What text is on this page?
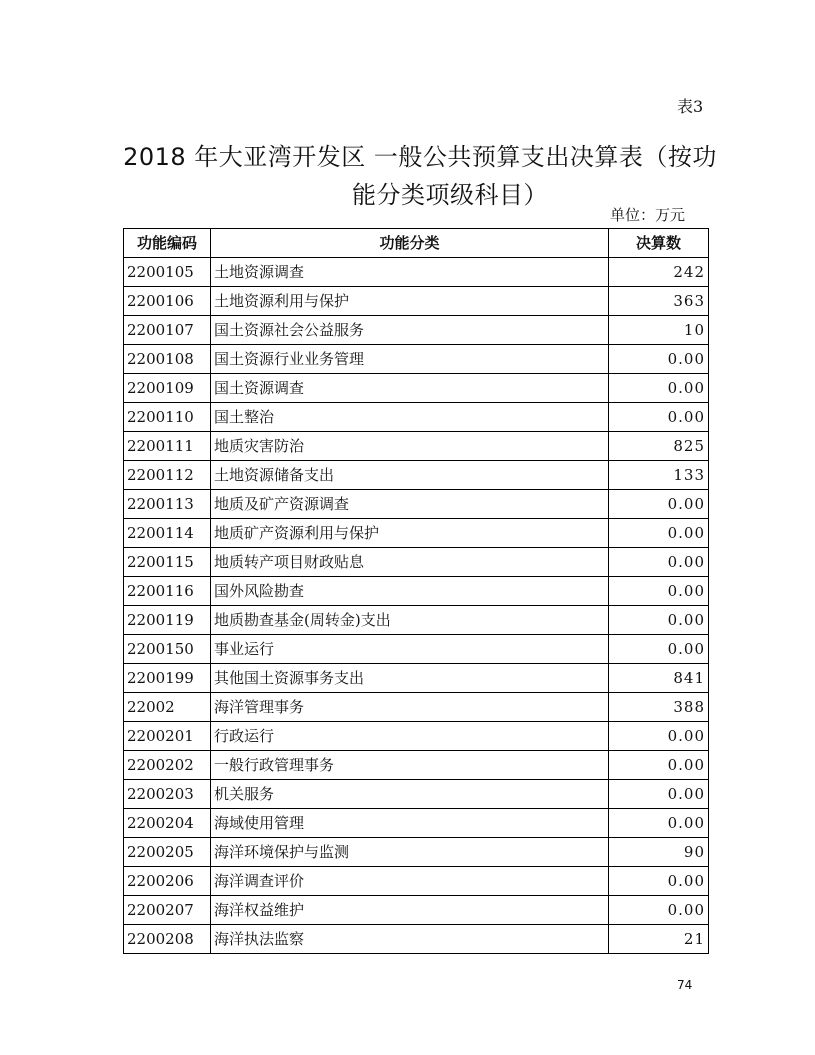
表3
2018 年大亚湾开发区 一般公共预算支出决算表（按功
能分类项级科目）
单位：万元
功能编码	功能分类	决算数
2200105	土地资源调查	242
2200106	土地资源利用与保护	363
2200107	国土资源社会公益服务	10
2200108	国土资源行业业务管理	0.00
2200109	国土资源调查	0.00
2200110	国土整治	0.00
2200111	地质灾害防治	825
2200112	土地资源储备支出	133
2200113	地质及矿产资源调查	0.00
2200114	地质矿产资源利用与保护	0.00
2200115	地质转产项目财政贴息	0.00
2200116	国外风险勘查	0.00
2200119	地质勘查基金(周转金)支出	0.00
2200150	事业运行	0.00
2200199	其他国土资源事务支出	841
22002	海洋管理事务	388
2200201	行政运行	0.00
2200202	一般行政管理事务	0.00
2200203	机关服务	0.00
2200204	海域使用管理	0.00
2200205	海洋环境保护与监测	90
2200206	海洋调查评价	0.00
2200207	海洋权益维护	0.00
2200208	海洋执法监察	21
74
